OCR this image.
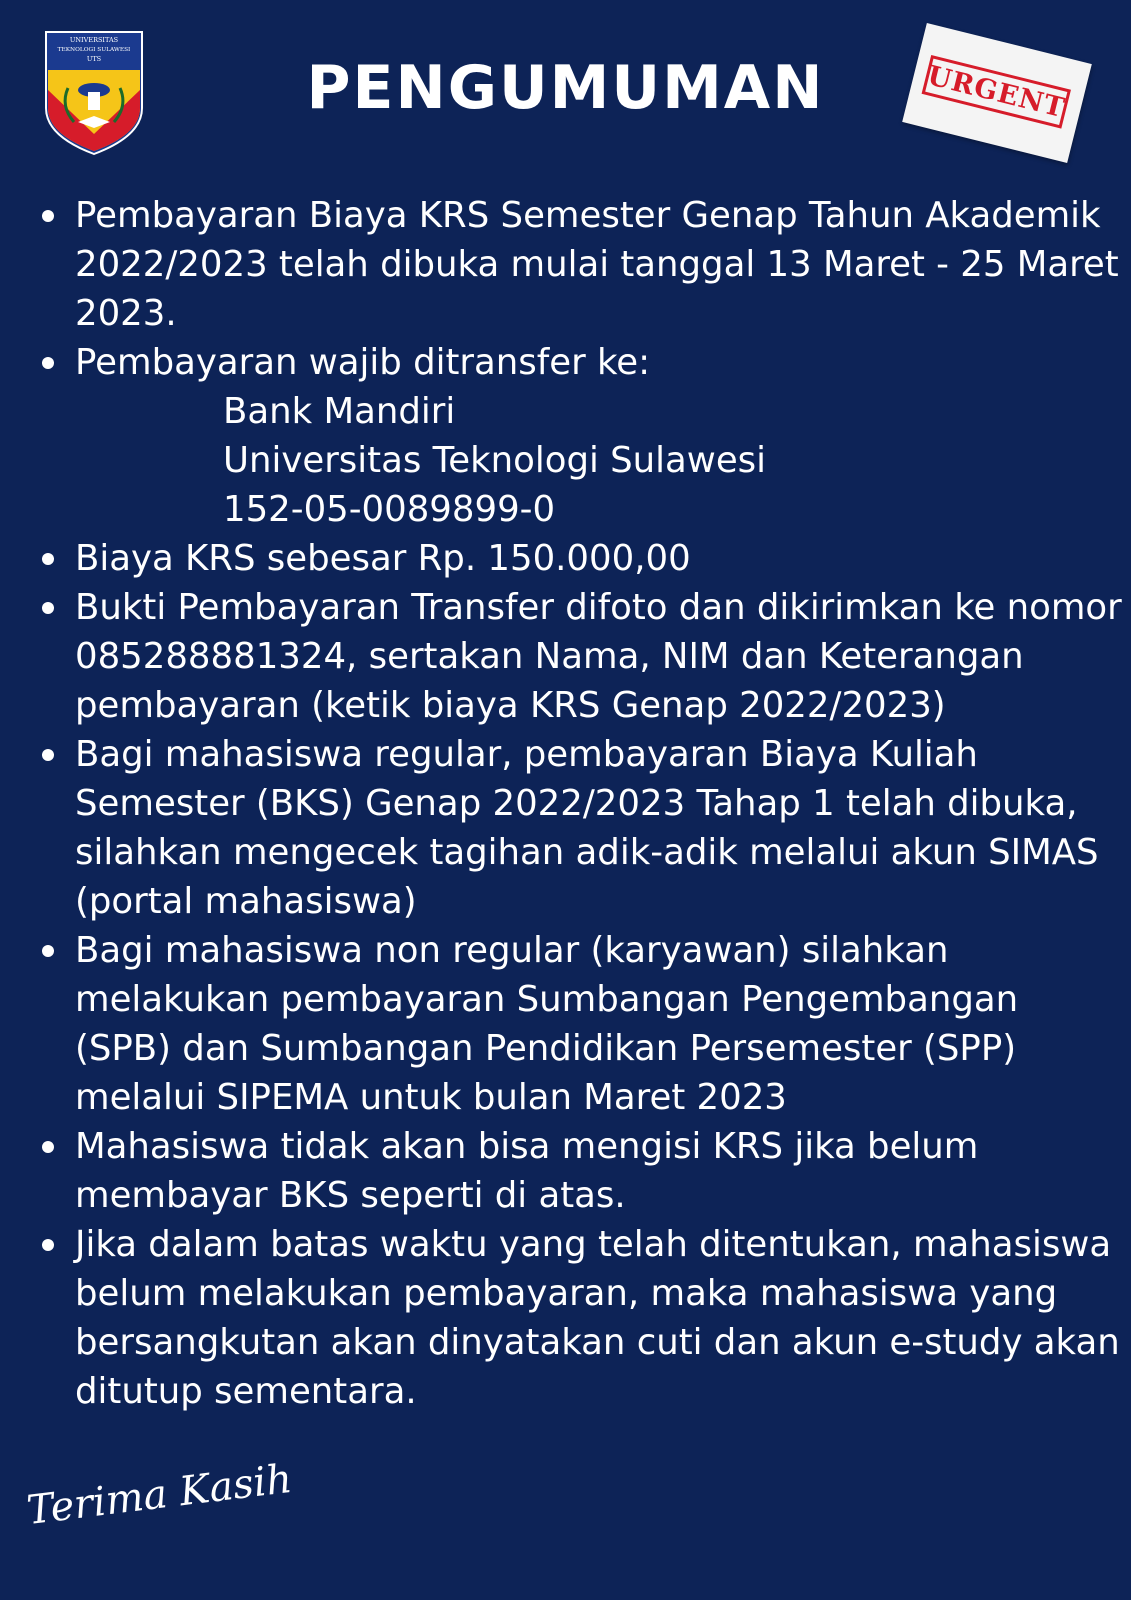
UNIVERSITAS
TEKNOLOGI SULAWESI
UTS	PENGUMUMAN	URGENT
Pembayaran Biaya KRS Semester Genap Tahun Akademik 2022/2023 telah dibuka mulai tanggal 13 Maret - 25 Maret 2023.
Pembayaran wajib ditransfer ke:
Bank Mandiri
Universitas Teknologi Sulawesi
152-05-0089899-0
Biaya KRS sebesar Rp. 150.000,00
Bukti Pembayaran Transfer difoto dan dikirimkan ke nomor 085288881324, sertakan Nama, NIM dan Keterangan pembayaran (ketik biaya KRS Genap 2022/2023)
Bagi mahasiswa regular, pembayaran Biaya Kuliah Semester (BKS) Genap 2022/2023 Tahap 1 telah dibuka, silahkan mengecek tagihan adik-adik melalui akun SIMAS (portal mahasiswa)
Bagi mahasiswa non regular (karyawan) silahkan melakukan pembayaran Sumbangan Pengembangan (SPB) dan Sumbangan Pendidikan Persemester (SPP) melalui SIPEMA untuk bulan Maret 2023
Mahasiswa tidak akan bisa mengisi KRS jika belum membayar BKS seperti di atas.
Jika dalam batas waktu yang telah ditentukan, mahasiswa belum melakukan pembayaran, maka mahasiswa yang bersangkutan akan dinyatakan cuti dan akun e-study akan ditutup sementara.
Terima Kasih
